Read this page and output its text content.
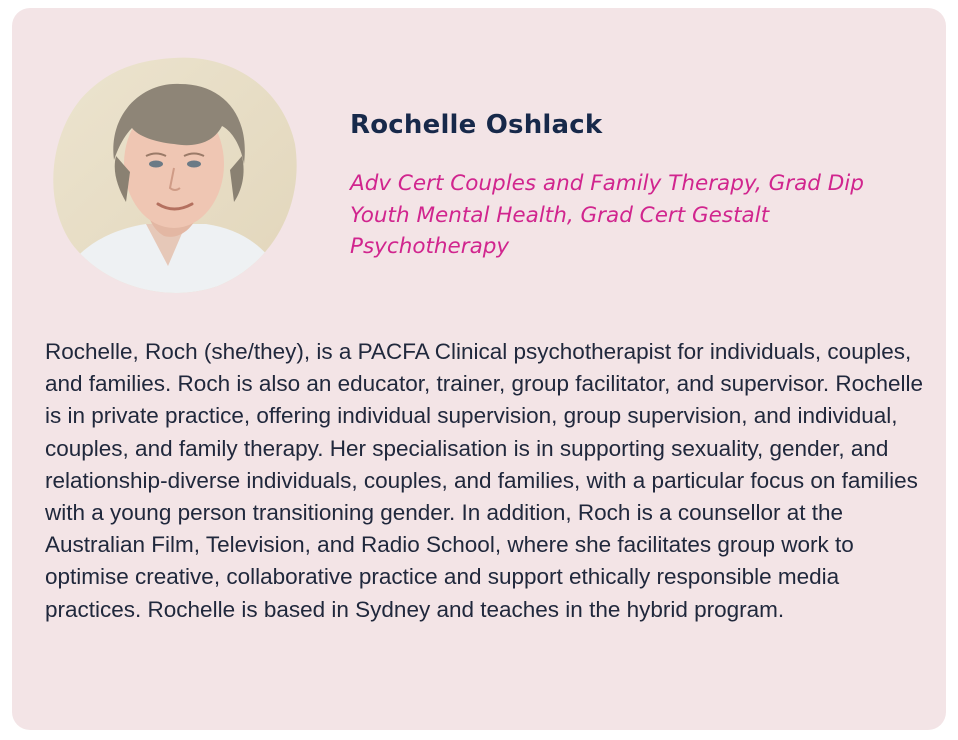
Rochelle Oshlack

Adv Cert Couples and Family Therapy, Grad Dip Youth Mental Health, Grad Cert Gestalt Psychotherapy

Rochelle, Roch (she/they), is a PACFA Clinical psychotherapist for individuals, couples, and families. Roch is also an educator, trainer, group facilitator, and supervisor. Rochelle is in private practice, offering individual supervision, group supervision, and individual, couples, and family therapy. Her specialisation is in supporting sexuality, gender, and relationship-diverse individuals, couples, and families, with a particular focus on families with a young person transitioning gender. In addition, Roch is a counsellor at the Australian Film, Television, and Radio School, where she facilitates group work to optimise creative, collaborative practice and support ethically responsible media practices. Rochelle is based in Sydney and teaches in the hybrid program.
